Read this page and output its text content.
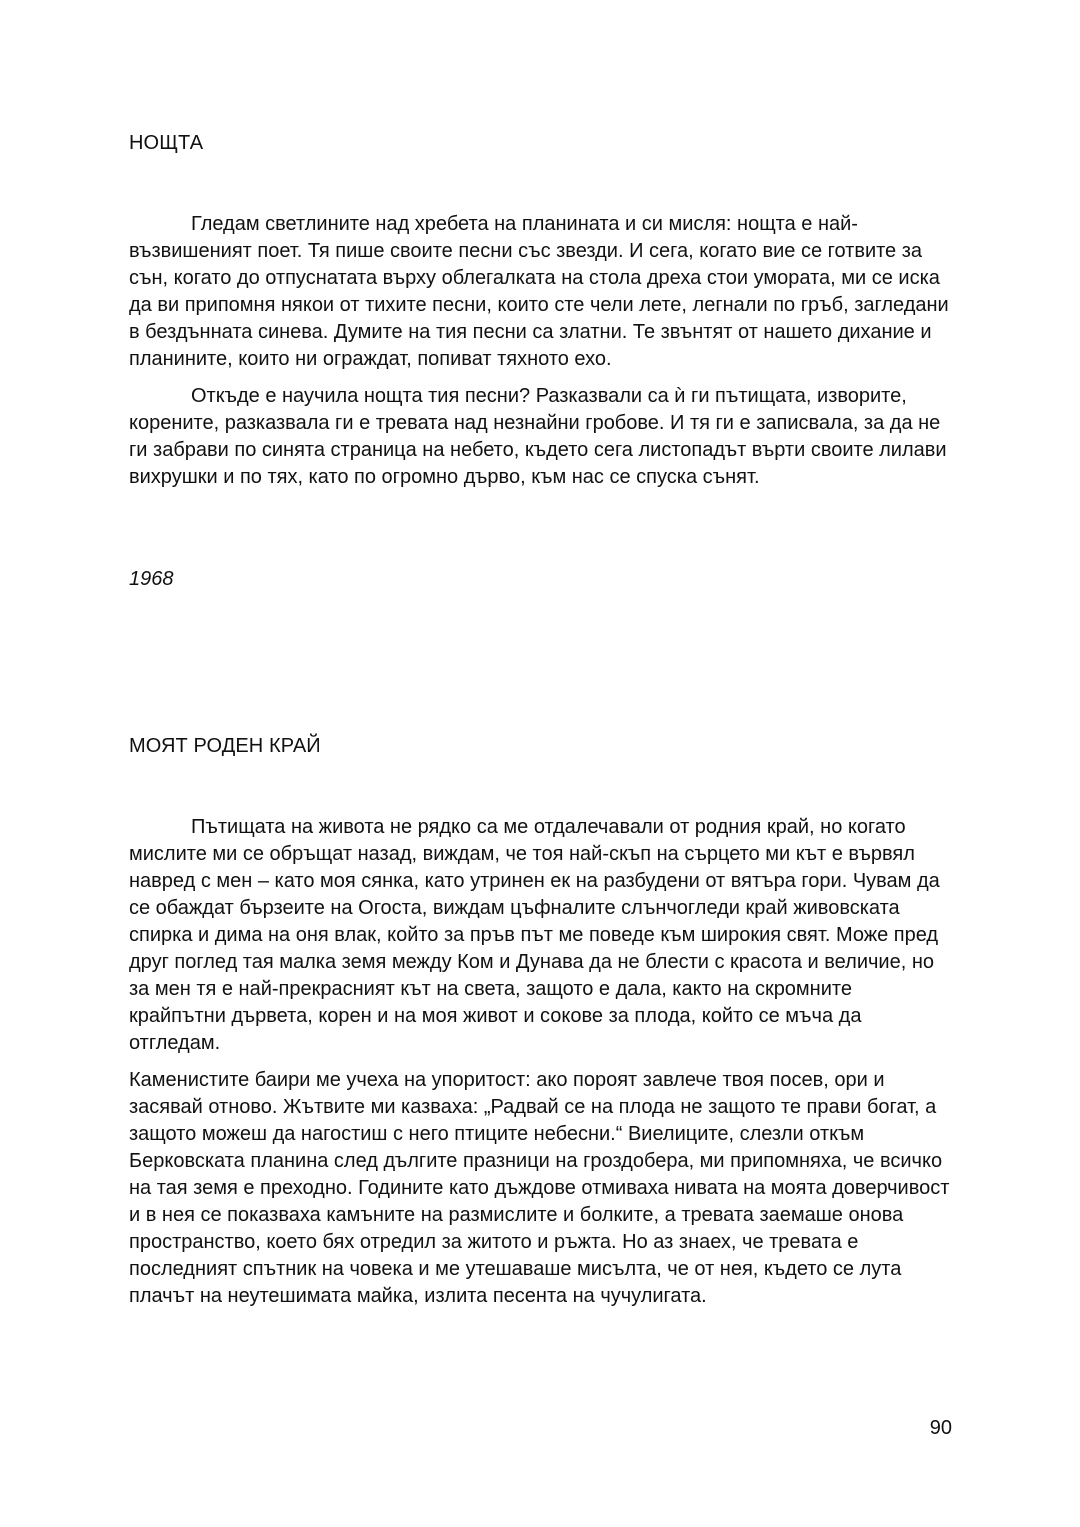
НОЩТА

Гледам светлините над хребета на планината и си мисля: нощта е най-възвишеният поет. Тя пише своите песни със звезди. И сега, когато вие се готвите за сън, когато до отпуснатата върху облегалката на стола дреха стои умората, ми се иска да ви припомня някои от тихите песни, които сте чели лете, легнали по гръб, загледани в бездънната синева. Думите на тия песни са златни. Те звънтят от нашето дихание и планините, които ни ограждат, попиват тяхното ехо.

Откъде е научила нощта тия песни? Разказвали са ѝ ги пътищата, изворите, корените, разказвала ги е тревата над незнайни гробове. И тя ги е записвала, за да не ги забрави по синята страница на небето, където сега листопадът върти своите лилави вихрушки и по тях, като по огромно дърво, към нас се спуска сънят.

1968

МОЯТ РОДЕН КРАЙ

Пътищата на живота не рядко са ме отдалечавали от родния край, но когато мислите ми се обръщат назад, виждам, че тоя най-скъп на сърцето ми кът е вървял навред с мен – като моя сянка, като утринен ек на разбудени от вятъра гори. Чувам да се обаждат бързеите на Огоста, виждам цъфналите слънчогледи край живовската спирка и дима на оня влак, който за пръв път ме поведе към широкия свят. Може пред друг поглед тая малка земя между Ком и Дунава да не блести с красота и величие, но за мен тя е най-прекрасният кът на света, защото е дала, както на скромните крайпътни дървета, корен и на моя живот и сокове за плода, който се мъча да отгледам.

Каменистите баири ме учеха на упоритост: ако пороят завлече твоя посев, ори и засявай отново. Жътвите ми казваха: „Радвай се на плода не защото те прави богат, а защото можеш да нагостиш с него птиците небесни.“ Виелиците, слезли откъм Берковската планина след дългите празници на гроздобера, ми припомняха, че всичко на тая земя е преходно. Годините като дъждове отмиваха нивата на моята доверчивост и в нея се показваха камъните на размислите и болките, а тревата заемаше онова пространство, което бях отредил за житото и ръжта. Но аз знаех, че тревата е последният спътник на човека и ме утешаваше мисълта, че от нея, където се лута плачът на неутешимата майка, излита песента на чучулигата.

90
